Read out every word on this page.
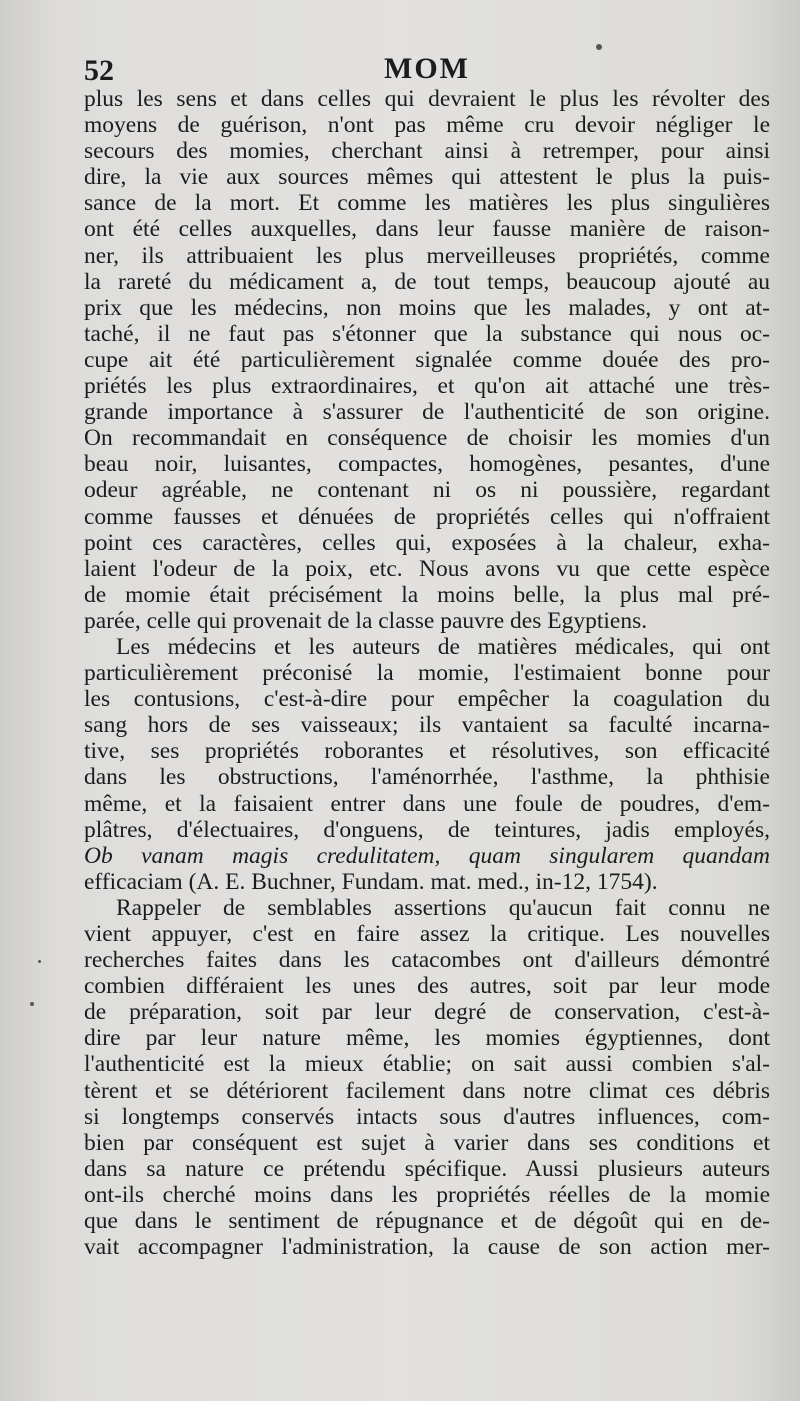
52	MOM
plus les sens et dans celles qui devraient le plus les révolter des
moyens de guérison, n'ont pas même cru devoir négliger le
secours des momies, cherchant ainsi à retremper, pour ainsi
dire, la vie aux sources mêmes qui attestent le plus la puis-
sance de la mort. Et comme les matières les plus singulières
ont été celles auxquelles, dans leur fausse manière de raison-
ner, ils attribuaient les plus merveilleuses propriétés, comme
la rareté du médicament a, de tout temps, beaucoup ajouté au
prix que les médecins, non moins que les malades, y ont at-
taché, il ne faut pas s'étonner que la substance qui nous oc-
cupe ait été particulièrement signalée comme douée des pro-
priétés les plus extraordinaires, et qu'on ait attaché une très-
grande importance à s'assurer de l'authenticité de son origine.
On recommandait en conséquence de choisir les momies d'un
beau noir, luisantes, compactes, homogènes, pesantes, d'une
odeur agréable, ne contenant ni os ni poussière, regardant
comme fausses et dénuées de propriétés celles qui n'offraient
point ces caractères, celles qui, exposées à la chaleur, exha-
laient l'odeur de la poix, etc. Nous avons vu que cette espèce
de momie était précisément la moins belle, la plus mal pré-
parée, celle qui provenait de la classe pauvre des Egyptiens.
Les médecins et les auteurs de matières médicales, qui ont
particulièrement préconisé la momie, l'estimaient bonne pour
les contusions, c'est-à-dire pour empêcher la coagulation du
sang hors de ses vaisseaux; ils vantaient sa faculté incarna-
tive, ses propriétés roborantes et résolutives, son efficacité
dans les obstructions, l'aménorrhée, l'asthme, la phthisie
même, et la faisaient entrer dans une foule de poudres, d'em-
plâtres, d'électuaires, d'onguens, de teintures, jadis employés,
Ob vanam magis credulitatem, quam singularem quandam
efficaciam (A. E. Buchner, Fundam. mat. med., in-12, 1754).
Rappeler de semblables assertions qu'aucun fait connu ne
vient appuyer, c'est en faire assez la critique. Les nouvelles
recherches faites dans les catacombes ont d'ailleurs démontré
combien différaient les unes des autres, soit par leur mode
de préparation, soit par leur degré de conservation, c'est-à-
dire par leur nature même, les momies égyptiennes, dont
l'authenticité est la mieux établie; on sait aussi combien s'al-
tèrent et se détériorent facilement dans notre climat ces débris
si longtemps conservés intacts sous d'autres influences, com-
bien par conséquent est sujet à varier dans ses conditions et
dans sa nature ce prétendu spécifique. Aussi plusieurs auteurs
ont-ils cherché moins dans les propriétés réelles de la momie
que dans le sentiment de répugnance et de dégoût qui en de-
vait accompagner l'administration, la cause de son action mer-
